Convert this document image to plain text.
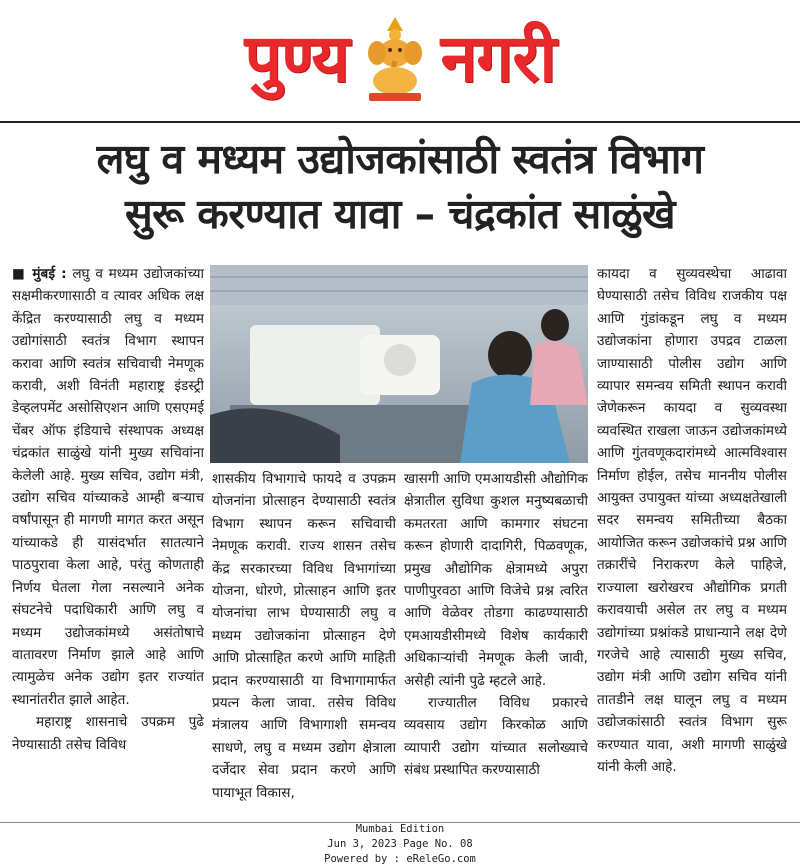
पुण्य नगरी
लघु व मध्यम उद्योजकांसाठी स्वतंत्र विभाग
सुरू करण्यात यावा – चंद्रकांत साळुंखे

■ मुंबई : लघु व मध्यम उद्योजकांच्या सक्षमीकरणासाठी व त्यावर अधिक लक्ष केंद्रित करण्यासाठी लघु व मध्यम उद्योगांसाठी स्वतंत्र विभाग स्थापन करावा आणि स्वतंत्र सचिवाची नेमणूक करावी, अशी विनंती महाराष्ट्र इंडस्ट्री डेव्हलपमेंट असोसिएशन आणि एसएमई चेंबर ऑफ इंडियाचे संस्थापक अध्यक्ष चंद्रकांत साळुंखे यांनी मुख्य सचिवांना केलेली आहे. मुख्य सचिव, उद्योग मंत्री, उद्योग सचिव यांच्याकडे आम्ही बऱ्याच वर्षांपासून ही मागणी मागत करत असून यांच्याकडे ही यासंदर्भात सातत्याने पाठपुरावा केला आहे, परंतु कोणताही निर्णय घेतला गेला नसल्याने अनेक संघटनेचे पदाधिकारी आणि लघु व मध्यम उद्योजकांमध्ये असंतोषाचे वातावरण निर्माण झाले आहे आणि त्यामुळेच अनेक उद्योग इतर राज्यांत स्थानांतरीत झाले आहेत.

महाराष्ट्र शासनाचे उपक्रम पुढे नेण्यासाठी तसेच विविध

शासकीय विभागाचे फायदे व उपक्रम योजनांना प्रोत्साहन देण्यासाठी स्वतंत्र विभाग स्थापन करून सचिवाची नेमणूक करावी. राज्य शासन तसेच केंद्र सरकारच्या विविध विभागांच्या योजना, धोरणे, प्रोत्साहन आणि इतर योजनांचा लाभ घेण्यासाठी लघु व मध्यम उद्योजकांना प्रोत्साहन देणे आणि प्रोत्साहित करणे आणि माहिती प्रदान करण्यासाठी या विभागामार्फत प्रयत्न केला जावा. तसेच विविध मंत्रालय आणि विभागाशी समन्वय साधणे, लघु व मध्यम उद्योग क्षेत्राला दर्जेदार सेवा प्रदान करणे आणि पायाभूत विकास,

खासगी आणि एमआयडीसी औद्योगिक क्षेत्रातील सुविधा कुशल मनुष्यबळाची कमतरता आणि कामगार संघटना करून होणारी दादागिरी, पिळवणूक, प्रमुख औद्योगिक क्षेत्रामध्ये अपुरा पाणीपुरवठा आणि विजेचे प्रश्न त्वरित आणि वेळेवर तोडगा काढण्यासाठी एमआयडीसीमध्ये विशेष कार्यकारी अधिकाऱ्यांची नेमणूक केली जावी, असेही त्यांनी पुढे म्हटले आहे.

राज्यातील विविध प्रकारचे व्यवसाय उद्योग किरकोळ आणि व्यापारी उद्योग यांच्यात सलोख्याचे संबंध प्रस्थापित करण्यासाठी

कायदा व सुव्यवस्थेचा आढावा घेण्यासाठी तसेच विविध राजकीय पक्ष आणि गुंडांकडून लघु व मध्यम उद्योजकांना होणारा उपद्रव टाळला जाण्यासाठी पोलीस उद्योग आणि व्यापार समन्वय समिती स्थापन करावी जेणेकरून कायदा व सुव्यवस्था व्यवस्थित राखला जाऊन उद्योजकांमध्ये आणि गुंतवणूकदारांमध्ये आत्मविश्वास निर्माण होईल, तसेच माननीय पोलीस आयुक्त उपायुक्त यांच्या अध्यक्षतेखाली सदर समन्वय समितीच्या बैठका आयोजित करून उद्योजकांचे प्रश्न आणि तक्रारींचे निराकरण केले पाहिजे, राज्याला खरोखरच औद्योगिक प्रगती करावयाची असेल तर लघु व मध्यम उद्योगांच्या प्रश्नांकडे प्राधान्याने लक्ष देणे गरजेचे आहे त्यासाठी मुख्य सचिव, उद्योग मंत्री आणि उद्योग सचिव यांनी तातडीने लक्ष घालून लघु व मध्यम उद्योजकांसाठी स्वतंत्र विभाग सुरू करण्यात यावा, अशी मागणी साळुंखे यांनी केली आहे.

Mumbai Edition
Jun 3, 2023 Page No. 08
Powered by : eReleGo.com
